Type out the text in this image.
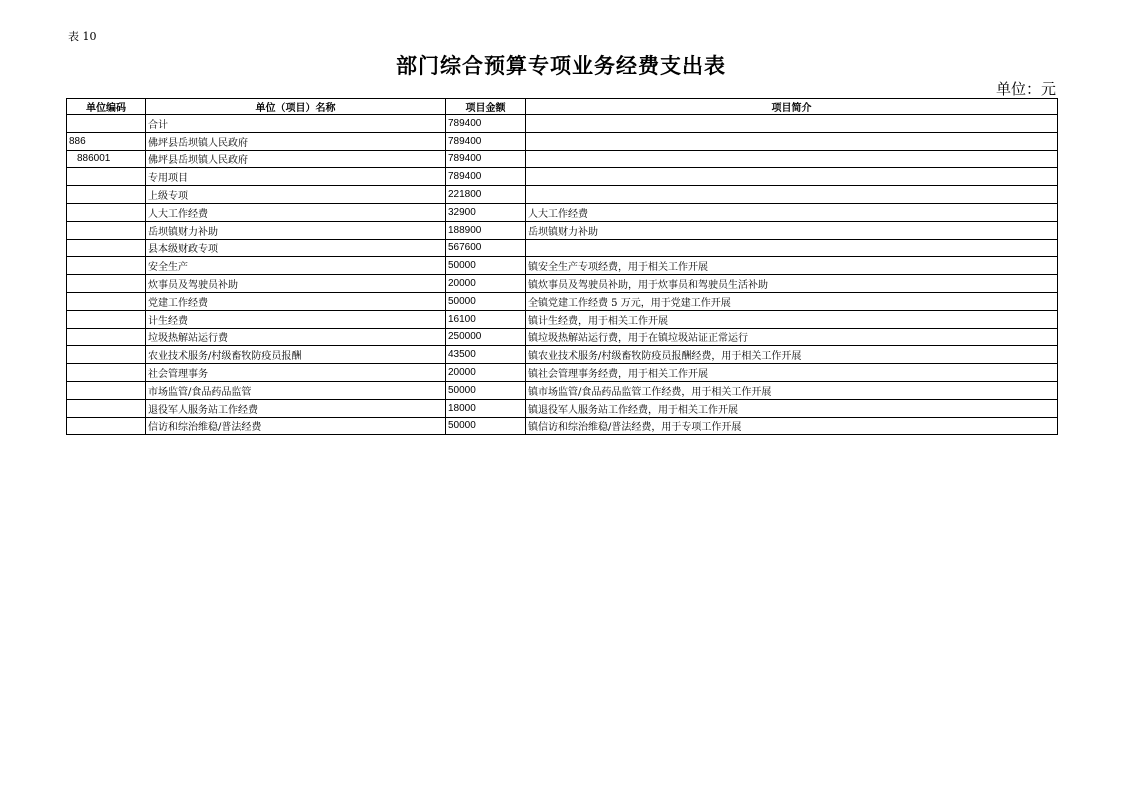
表 10
部门综合预算专项业务经费支出表
单位：元
单位编码	单位（项目）名称	项目金额	项目简介
	合计	789400	
886	佛坪县岳坝镇人民政府	789400	
886001	佛坪县岳坝镇人民政府	789400	
	专用项目	789400	
	上级专项	221800	
	人大工作经费	32900	人大工作经费
	岳坝镇财力补助	188900	岳坝镇财力补助
	县本级财政专项	567600	
	安全生产	50000	镇安全生产专项经费，用于相关工作开展
	炊事员及驾驶员补助	20000	镇炊事员及驾驶员补助，用于炊事员和驾驶员生活补助
	党建工作经费	50000	全镇党建工作经费 5 万元，用于党建工作开展
	计生经费	16100	镇计生经费，用于相关工作开展
	垃圾热解站运行费	250000	镇垃圾热解站运行费，用于在镇垃圾站证正常运行
	农业技术服务/村级畜牧防疫员报酬	43500	镇农业技术服务/村级畜牧防疫员报酬经费，用于相关工作开展
	社会管理事务	20000	镇社会管理事务经费，用于相关工作开展
	市场监管/食品药品监管	50000	镇市场监管/食品药品监管工作经费，用于相关工作开展
	退役军人服务站工作经费	18000	镇退役军人服务站工作经费，用于相关工作开展
	信访和综治维稳/普法经费	50000	镇信访和综治维稳/普法经费，用于专项工作开展
